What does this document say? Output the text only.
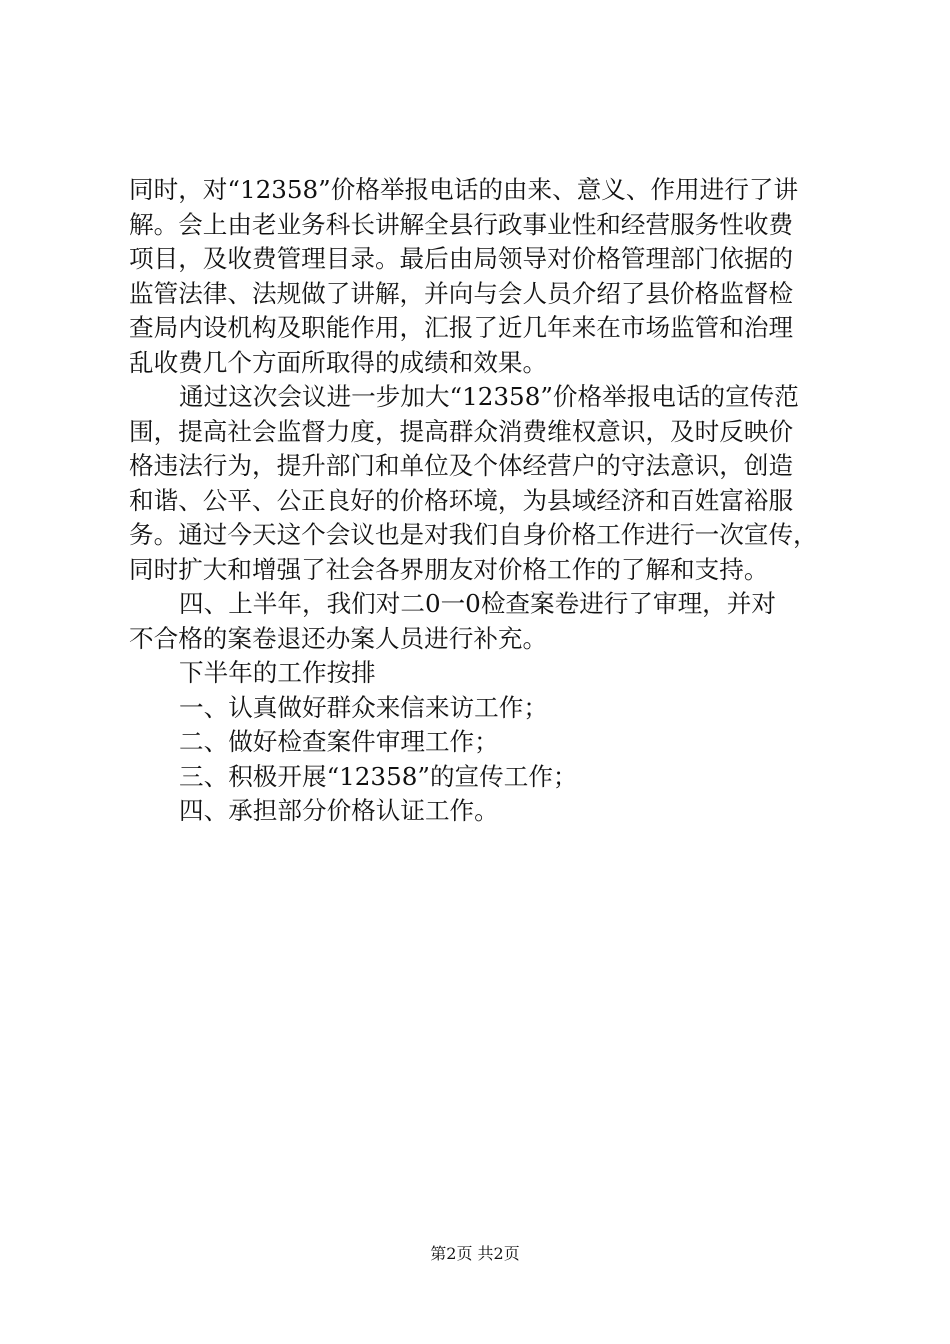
同时，对“12358”价格举报电话的由来、意义、作用进行了讲
解。会上由老业务科长讲解全县行政事业性和经营服务性收费
项目，及收费管理目录。最后由局领导对价格管理部门依据的
监管法律、法规做了讲解，并向与会人员介绍了县价格监督检
查局内设机构及职能作用，汇报了近几年来在市场监管和治理
乱收费几个方面所取得的成绩和效果。
通过这次会议进一步加大“12358”价格举报电话的宣传范
围，提高社会监督力度，提高群众消费维权意识，及时反映价
格违法行为，提升部门和单位及个体经营户的守法意识，创造
和谐、公平、公正良好的价格环境，为县域经济和百姓富裕服
务。通过今天这个会议也是对我们自身价格工作进行一次宣传，
同时扩大和增强了社会各界朋友对价格工作的了解和支持。
四、上半年，我们对二0一0检查案卷进行了审理，并对
不合格的案卷退还办案人员进行补充。
下半年的工作按排
一、认真做好群众来信来访工作；
二、做好检查案件审理工作；
三、积极开展“12358”的宣传工作；
四、承担部分价格认证工作。
第2页 共2页
